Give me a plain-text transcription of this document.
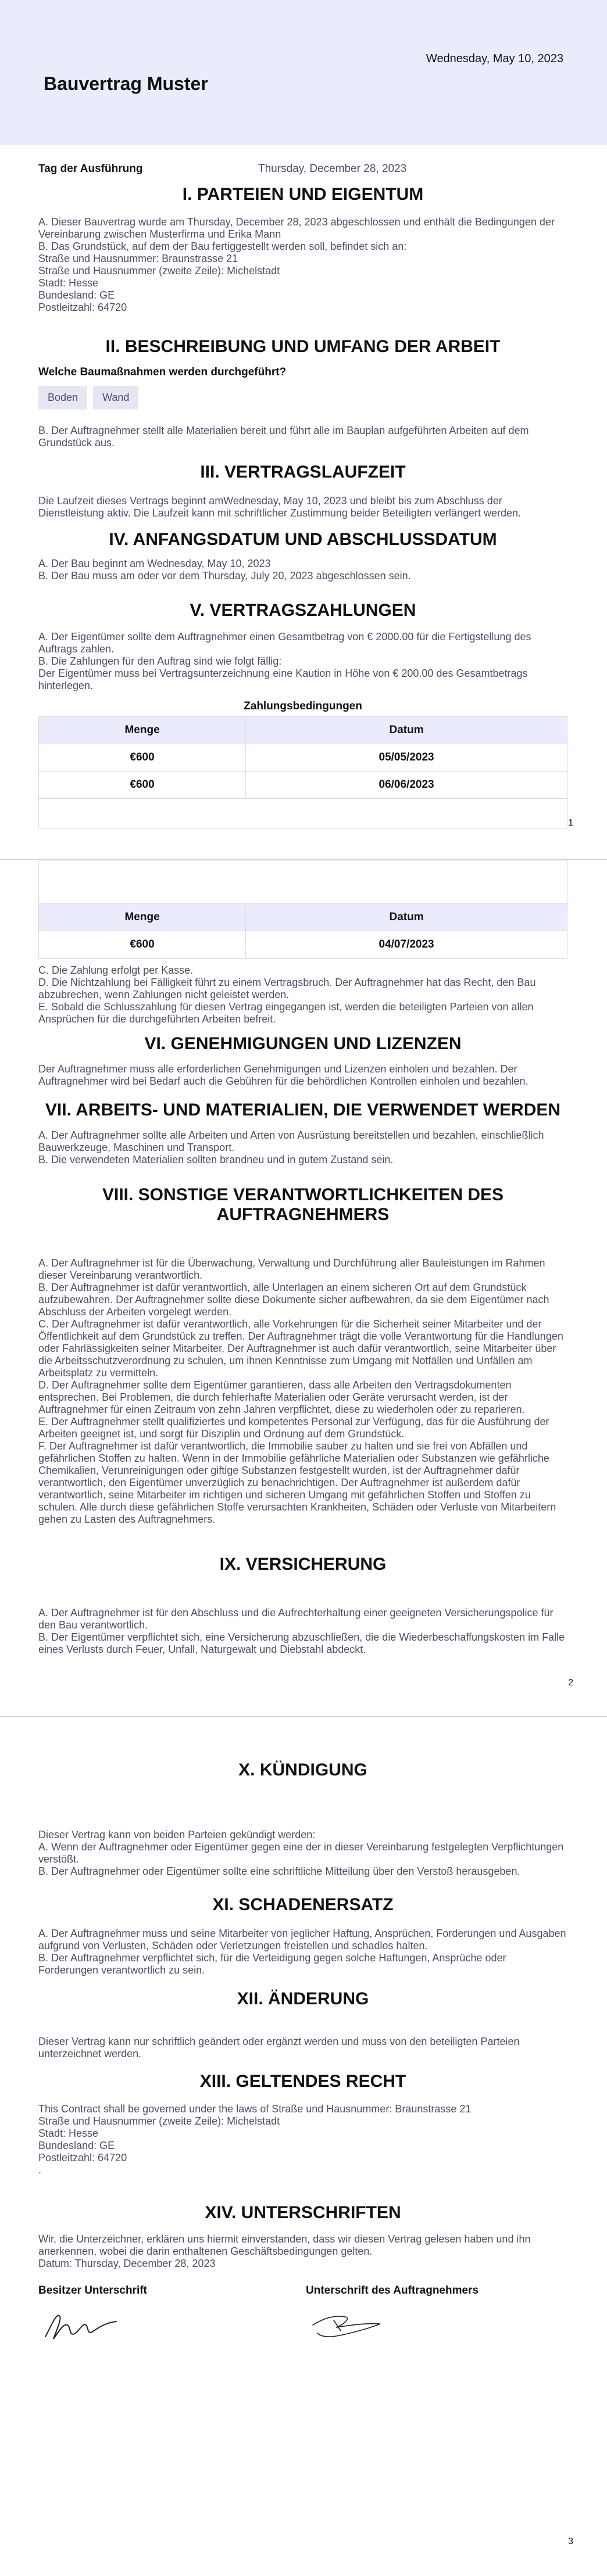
Wednesday, May 10, 2023
Bauvertrag Muster
Tag der Ausführung	Thursday, December 28, 2023
I. PARTEIEN UND EIGENTUM

A. Dieser Bauvertrag wurde am Thursday, December 28, 2023 abgeschlossen und enthält die Bedingungen der Vereinbarung zwischen Musterfirma und Erika Mann

B. Das Grundstück, auf dem der Bau fertiggestellt werden soll, befindet sich an:

Straße und Hausnummer: Braunstrasse 21

Straße und Hausnummer (zweite Zeile): Michelstadt

Stadt: Hesse

Bundesland: GE

Postleitzahl: 64720

II. BESCHREIBUNG UND UMFANG DER ARBEIT
Welche Baumaßnahmen werden durchgeführt?
Boden Wand

B. Der Auftragnehmer stellt alle Materialien bereit und führt alle im Bauplan aufgeführten Arbeiten auf dem Grundstück aus.

III. VERTRAGSLAUFZEIT

Die Laufzeit dieses Vertrags beginnt amWednesday, May 10, 2023 und bleibt bis zum Abschluss der Dienstleistung aktiv. Die Laufzeit kann mit schriftlicher Zustimmung beider Beteiligten verlängert werden.

IV. ANFANGSDATUM UND ABSCHLUSSDATUM

A. Der Bau beginnt am Wednesday, May 10, 2023

B. Der Bau muss am oder vor dem Thursday, July 20, 2023 abgeschlossen sein.

V. VERTRAGSZAHLUNGEN

A. Der Eigentümer sollte dem Auftragnehmer einen Gesamtbetrag von € 2000.00 für die Fertigstellung des Auftrags zahlen.

B. Die Zahlungen für den Auftrag sind wie folgt fällig:

Der Eigentümer muss bei Vertragsunterzeichnung eine Kaution in Höhe von € 200.00 des Gesamtbetrags hinterlegen.

Zahlungsbedingungen
Menge	Datum
€600	05/05/2023
€600	06/06/2023
1
Menge	Datum
€600	04/07/2023

C. Die Zahlung erfolgt per Kasse.

D. Die Nichtzahlung bei Fälligkeit führt zu einem Vertragsbruch. Der Auftragnehmer hat das Recht, den Bau abzubrechen, wenn Zahlungen nicht geleistet werden.

E. Sobald die Schlusszahlung für diesen Vertrag eingegangen ist, werden die beteiligten Parteien von allen Ansprüchen für die durchgeführten Arbeiten befreit.

VI. GENEHMIGUNGEN UND LIZENZEN

Der Auftragnehmer muss alle erforderlichen Genehmigungen und Lizenzen einholen und bezahlen. Der Auftragnehmer wird bei Bedarf auch die Gebühren für die behördlichen Kontrollen einholen und bezahlen.

VII. ARBEITS- UND MATERIALIEN, DIE VERWENDET WERDEN

A. Der Auftragnehmer sollte alle Arbeiten und Arten von Ausrüstung bereitstellen und bezahlen, einschließlich Bauwerkzeuge, Maschinen und Transport.

B. Die verwendeten Materialien sollten brandneu und in gutem Zustand sein.

VIII. SONSTIGE VERANTWORTLICHKEITEN DES
AUFTRAGNEHMERS

A. Der Auftragnehmer ist für die Überwachung, Verwaltung und Durchführung aller Bauleistungen im Rahmen dieser Vereinbarung verantwortlich.

B. Der Auftragnehmer ist dafür verantwortlich, alle Unterlagen an einem sicheren Ort auf dem Grundstück aufzubewahren. Der Auftragnehmer sollte diese Dokumente sicher aufbewahren, da sie dem Eigentümer nach Abschluss der Arbeiten vorgelegt werden.

C. Der Auftragnehmer ist dafür verantwortlich, alle Vorkehrungen für die Sicherheit seiner Mitarbeiter und der Öffentlichkeit auf dem Grundstück zu treffen. Der Auftragnehmer trägt die volle Verantwortung für die Handlungen oder Fahrlässigkeiten seiner Mitarbeiter. Der Auftragnehmer ist auch dafür verantwortlich, seine Mitarbeiter über die Arbeitsschutzverordnung zu schulen, um ihnen Kenntnisse zum Umgang mit Notfällen und Unfällen am Arbeitsplatz zu vermitteln.

D. Der Auftragnehmer sollte dem Eigentümer garantieren, dass alle Arbeiten den Vertragsdokumenten entsprechen. Bei Problemen, die durch fehlerhafte Materialien oder Geräte verursacht werden, ist der Auftragnehmer für einen Zeitraum von zehn Jahren verpflichtet, diese zu wiederholen oder zu reparieren.

E. Der Auftragnehmer stellt qualifiziertes und kompetentes Personal zur Verfügung, das für die Ausführung der Arbeiten geeignet ist, und sorgt für Disziplin und Ordnung auf dem Grundstück.

F. Der Auftragnehmer ist dafür verantwortlich, die Immobilie sauber zu halten und sie frei von Abfällen und gefährlichen Stoffen zu halten. Wenn in der Immobilie gefährliche Materialien oder Substanzen wie gefährliche Chemikalien, Verunreinigungen oder giftige Substanzen festgestellt wurden, ist der Auftragnehmer dafür verantwortlich, den Eigentümer unverzüglich zu benachrichtigen. Der Auftragnehmer ist außerdem dafür verantwortlich, seine Mitarbeiter im richtigen und sicheren Umgang mit gefährlichen Stoffen und Stoffen zu schulen. Alle durch diese gefährlichen Stoffe verursachten Krankheiten, Schäden oder Verluste von Mitarbeitern gehen zu Lasten des Auftragnehmers.

IX. VERSICHERUNG

A. Der Auftragnehmer ist für den Abschluss und die Aufrechterhaltung einer geeigneten Versicherungspolice für den Bau verantwortlich.

B. Der Eigentümer verpflichtet sich, eine Versicherung abzuschließen, die die Wiederbeschaffungskosten im Falle eines Verlusts durch Feuer, Unfall, Naturgewalt und Diebstahl abdeckt.

2
X. KÜNDIGUNG

Dieser Vertrag kann von beiden Parteien gekündigt werden:

A. Wenn der Auftragnehmer oder Eigentümer gegen eine der in dieser Vereinbarung festgelegten Verpflichtungen verstößt.

B. Der Auftragnehmer oder Eigentümer sollte eine schriftliche Mitteilung über den Verstoß herausgeben.

XI. SCHADENERSATZ

A. Der Auftragnehmer muss und seine Mitarbeiter von jeglicher Haftung, Ansprüchen, Forderungen und Ausgaben aufgrund von Verlusten, Schäden oder Verletzungen freistellen und schadlos halten.

B. Der Auftragnehmer verpflichtet sich, für die Verteidigung gegen solche Haftungen, Ansprüche oder Forderungen verantwortlich zu sein.

XII. ÄNDERUNG

Dieser Vertrag kann nur schriftlich geändert oder ergänzt werden und muss von den beteiligten Parteien unterzeichnet werden.

XIII. GELTENDES RECHT

This Contract shall be governed under the laws of Straße und Hausnummer: Braunstrasse 21

Straße und Hausnummer (zweite Zeile): Michelstadt

Stadt: Hesse

Bundesland: GE

Postleitzahl: 64720

.

XIV. UNTERSCHRIFTEN

Wir, die Unterzeichner, erklären uns hiermit einverstanden, dass wir diesen Vertrag gelesen haben und ihn anerkennen, wobei die darin enthaltenen Geschäftsbedingungen gelten.

Datum: Thursday, December 28, 2023

Besitzer Unterschrift	Unterschrift des Auftragnehmers
3
